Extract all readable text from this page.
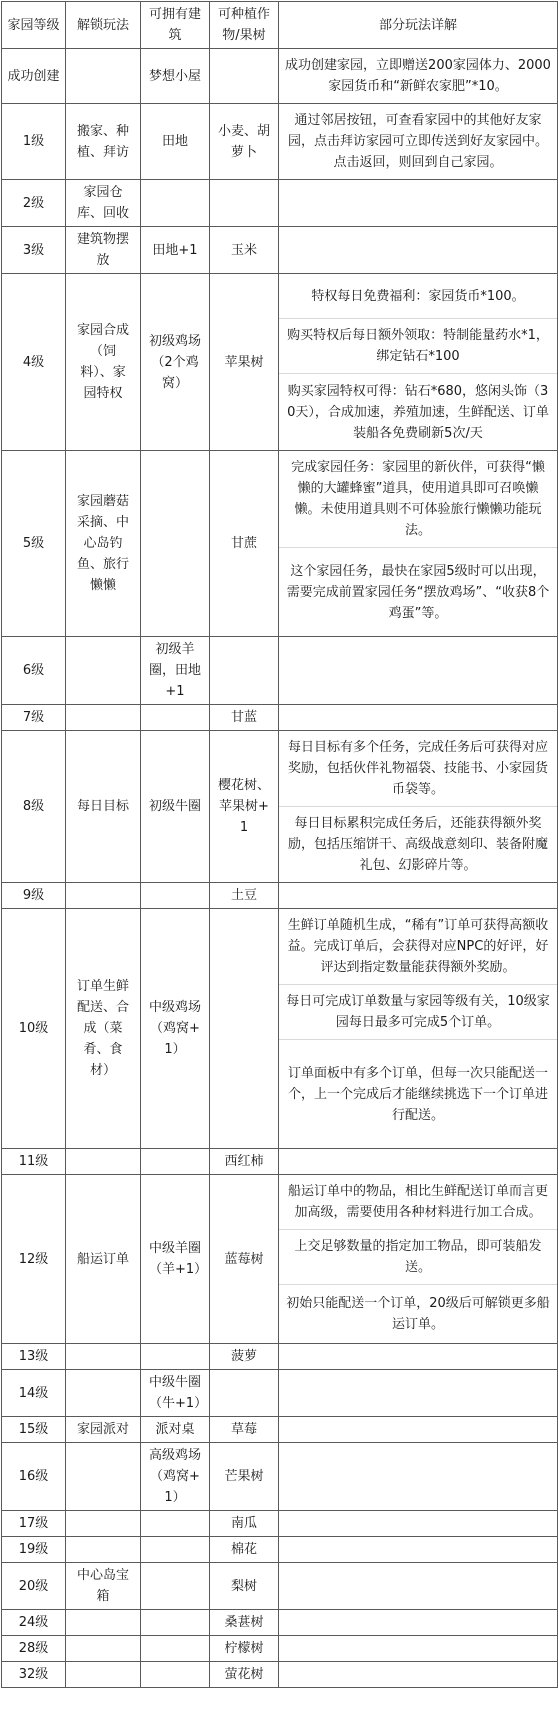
家园等级	解锁玩法	可拥有建筑	可种植作物/果树	部分玩法详解
成功创建		梦想小屋		成功创建家园，立即赠送200家园体力、2000家园货币和“新鲜农家肥”*10。

1级	搬家、种植、拜访	田地	小麦、胡萝卜	通过邻居按钮，可查看家园中的其他好友家园，点击拜访家园可立即传送到好友家园中。点击返回，则回到自己家园。

2级	家园仓库、回收			
3级	建筑物摆放	田地+1	玉米	
4级	家园合成（饲料）、家园特权	初级鸡场（2个鸡窝）	苹果树	特权每日免费福利：家园货币*100。
购买特权后每日额外领取：特制能量药水*1，绑定钻石*100
购买家园特权可得：钻石*680，悠闲头饰（30天），合成加速，养殖加速，生鲜配送、订单装船各免费刷新5次/天

5级	家园蘑菇采摘、中心岛钓鱼、旅行懒懒		甘蔗	完成家园任务：家园里的新伙伴，可获得“懒懒的大罐蜂蜜”道具，使用道具即可召唤懒懒。未使用道具则不可体验旅行懒懒功能玩法。
这个家园任务，最快在家园5级时可以出现，需要完成前置家园任务“摆放鸡场”、“收获8个鸡蛋”等。

6级		初级羊圈，田地+1		
7级			甘蓝	
8级	每日目标	初级牛圈	樱花树、苹果树+1	每日目标有多个任务，完成任务后可获得对应奖励，包括伙伴礼物福袋、技能书、小家园货币袋等。
每日目标累积完成任务后，还能获得额外奖励，包括压缩饼干、高级战意刻印、装备附魔礼包、幻影碎片等。

9级			土豆	
10级	订单生鲜配送、合成（菜肴、食材）	中级鸡场（鸡窝+1）		生鲜订单随机生成，“稀有”订单可获得高额收益。完成订单后，会获得对应NPC的好评，好评达到指定数量能获得额外奖励。
每日可完成订单数量与家园等级有关，10级家园每日最多可完成5个订单。
订单面板中有多个订单，但每一次只能配送一个，上一个完成后才能继续挑选下一个订单进行配送。

11级			西红柿	
12级	船运订单	中级羊圈（羊+1）	蓝莓树	船运订单中的物品，相比生鲜配送订单而言更加高级，需要使用各种材料进行加工合成。
上交足够数量的指定加工物品，即可装船发送。
初始只能配送一个订单，20级后可解锁更多船运订单。

13级			菠萝	
14级		中级牛圈（牛+1）		
15级	家园派对	派对桌	草莓	
16级		高级鸡场（鸡窝+1）	芒果树	
17级			南瓜	
19级			棉花	
20级	中心岛宝箱		梨树	
24级			桑葚树	
28级			柠檬树	
32级			萤花树	
